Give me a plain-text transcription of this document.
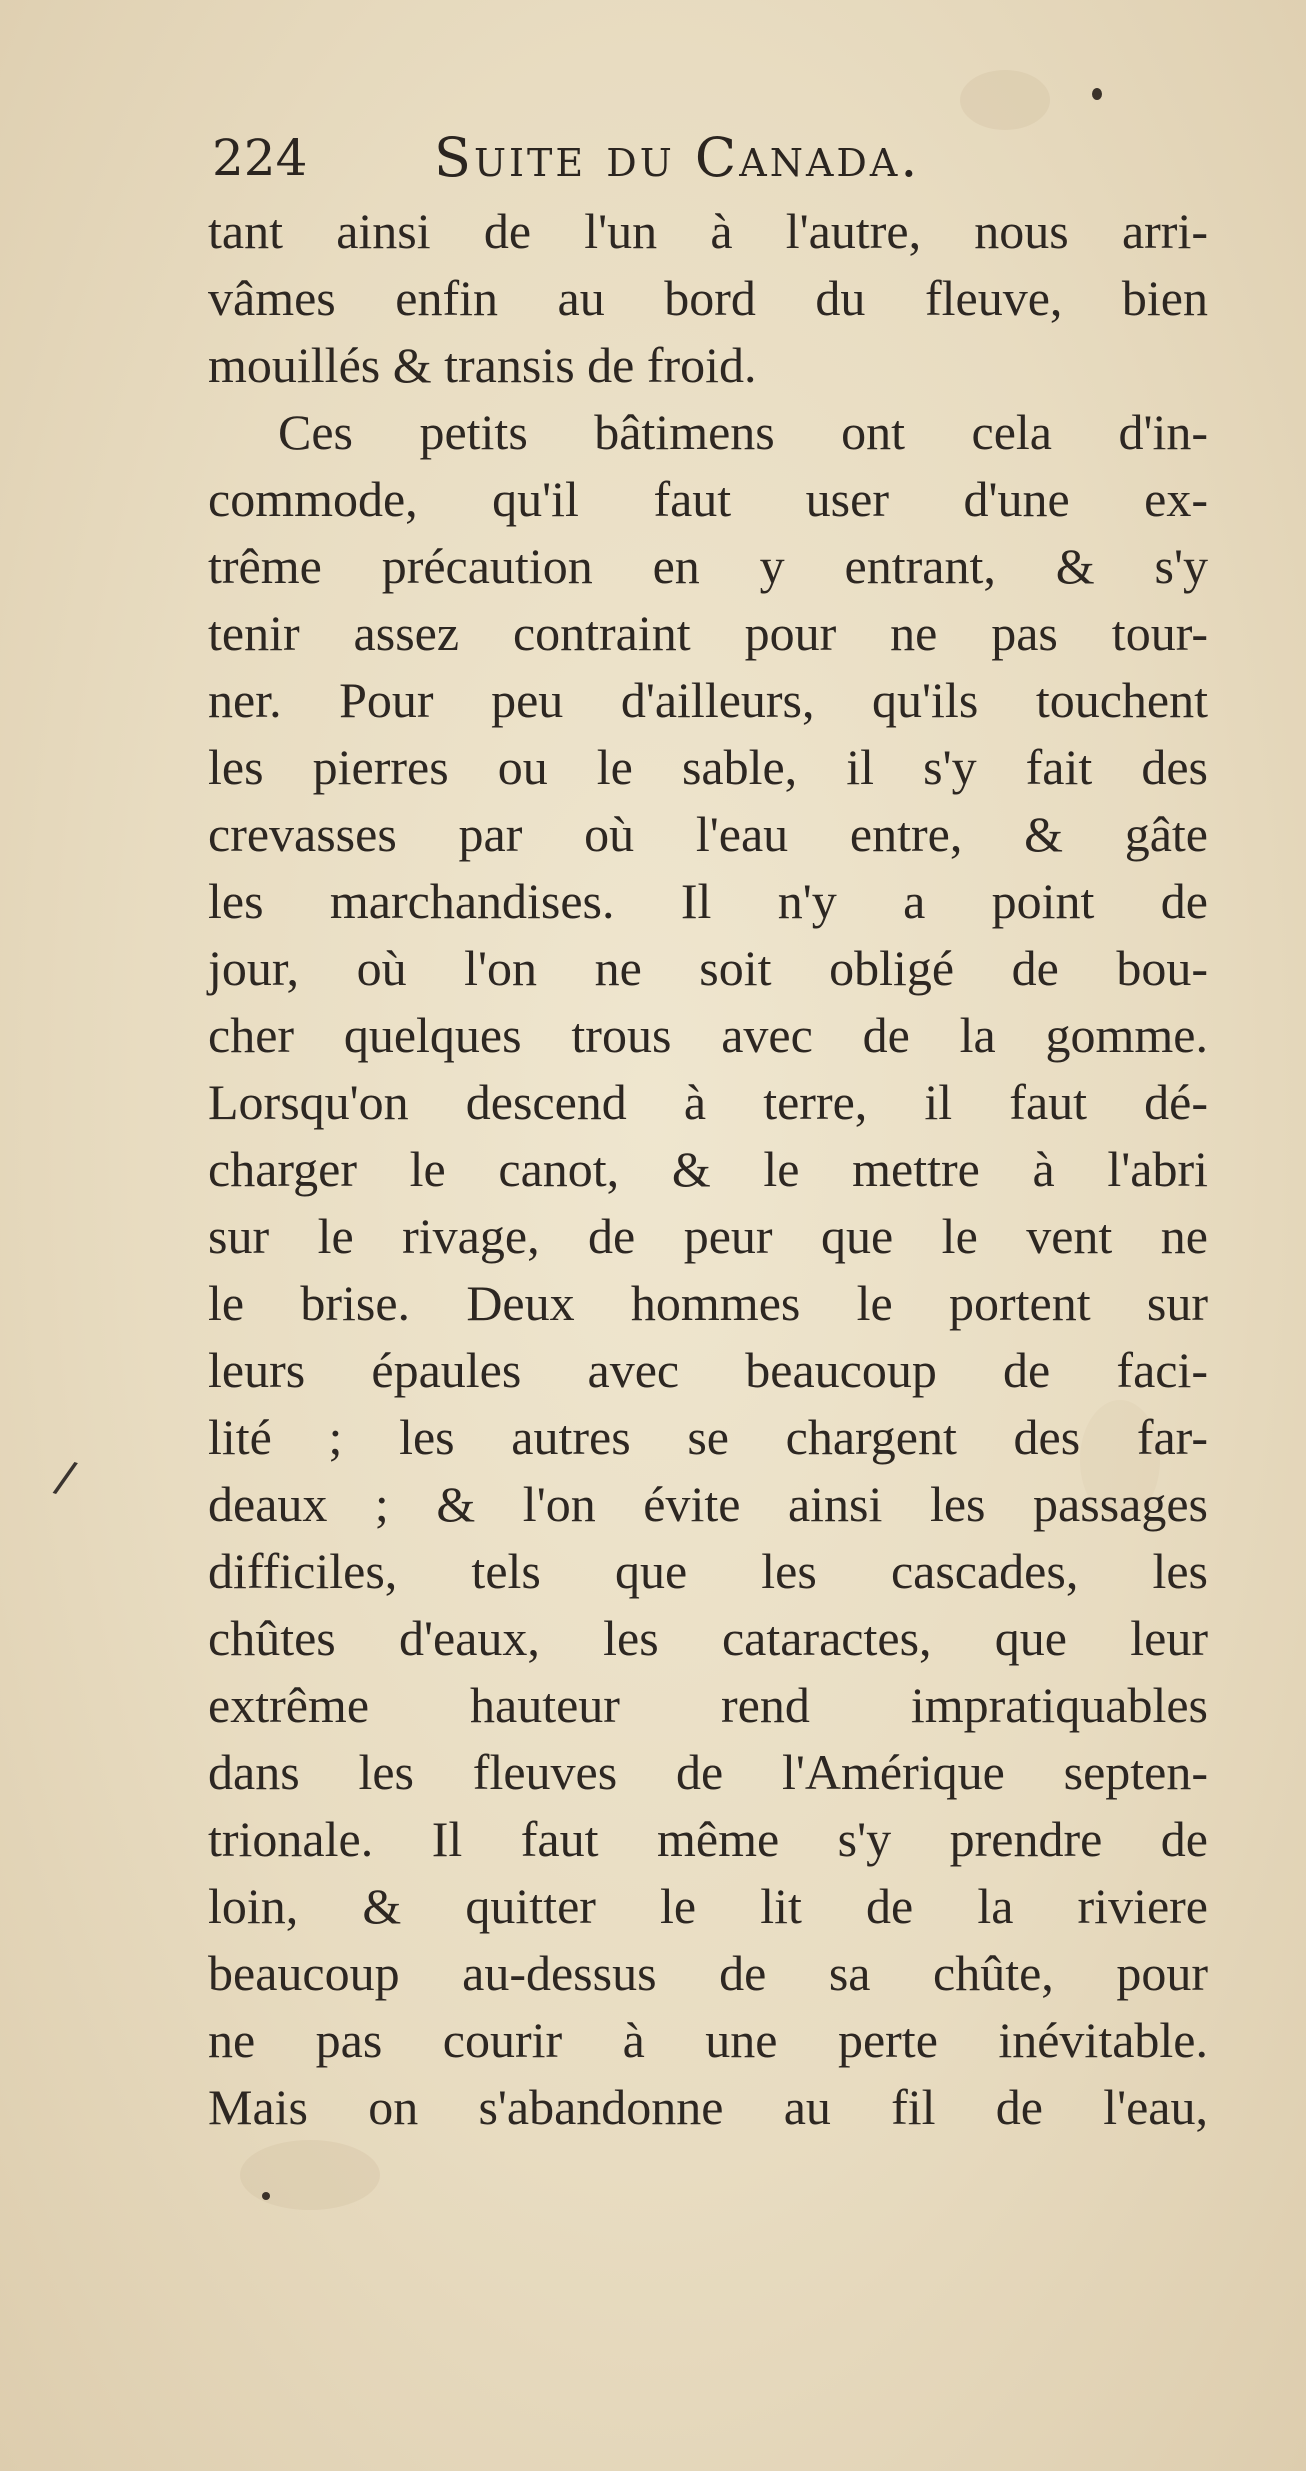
224 Suite du Canada.
/
tant ainsi de l'un à l'autre, nous arri-
vâmes enfin au bord du fleuve, bien
mouillés & transis de froid.
Ces petits bâtimens ont cela d'in-
commode, qu'il faut user d'une ex-
trême précaution en y entrant, & s'y
tenir assez contraint pour ne pas tour-
ner. Pour peu d'ailleurs, qu'ils touchent
les pierres ou le sable, il s'y fait des
crevasses par où l'eau entre, & gâte
les marchandises. Il n'y a point de
jour, où l'on ne soit obligé de bou-
cher quelques trous avec de la gomme.
Lorsqu'on descend à terre, il faut dé-
charger le canot, & le mettre à l'abri
sur le rivage, de peur que le vent ne
le brise. Deux hommes le portent sur
leurs épaules avec beaucoup de faci-
lité ; les autres se chargent des far-
deaux ; & l'on évite ainsi les passages
difficiles, tels que les cascades, les
chûtes d'eaux, les cataractes, que leur
extrême hauteur rend impratiquables
dans les fleuves de l'Amérique septen-
trionale. Il faut même s'y prendre de
loin, & quitter le lit de la riviere
beaucoup au-dessus de sa chûte, pour
ne pas courir à une perte inévitable.
Mais on s'abandonne au fil de l'eau,
